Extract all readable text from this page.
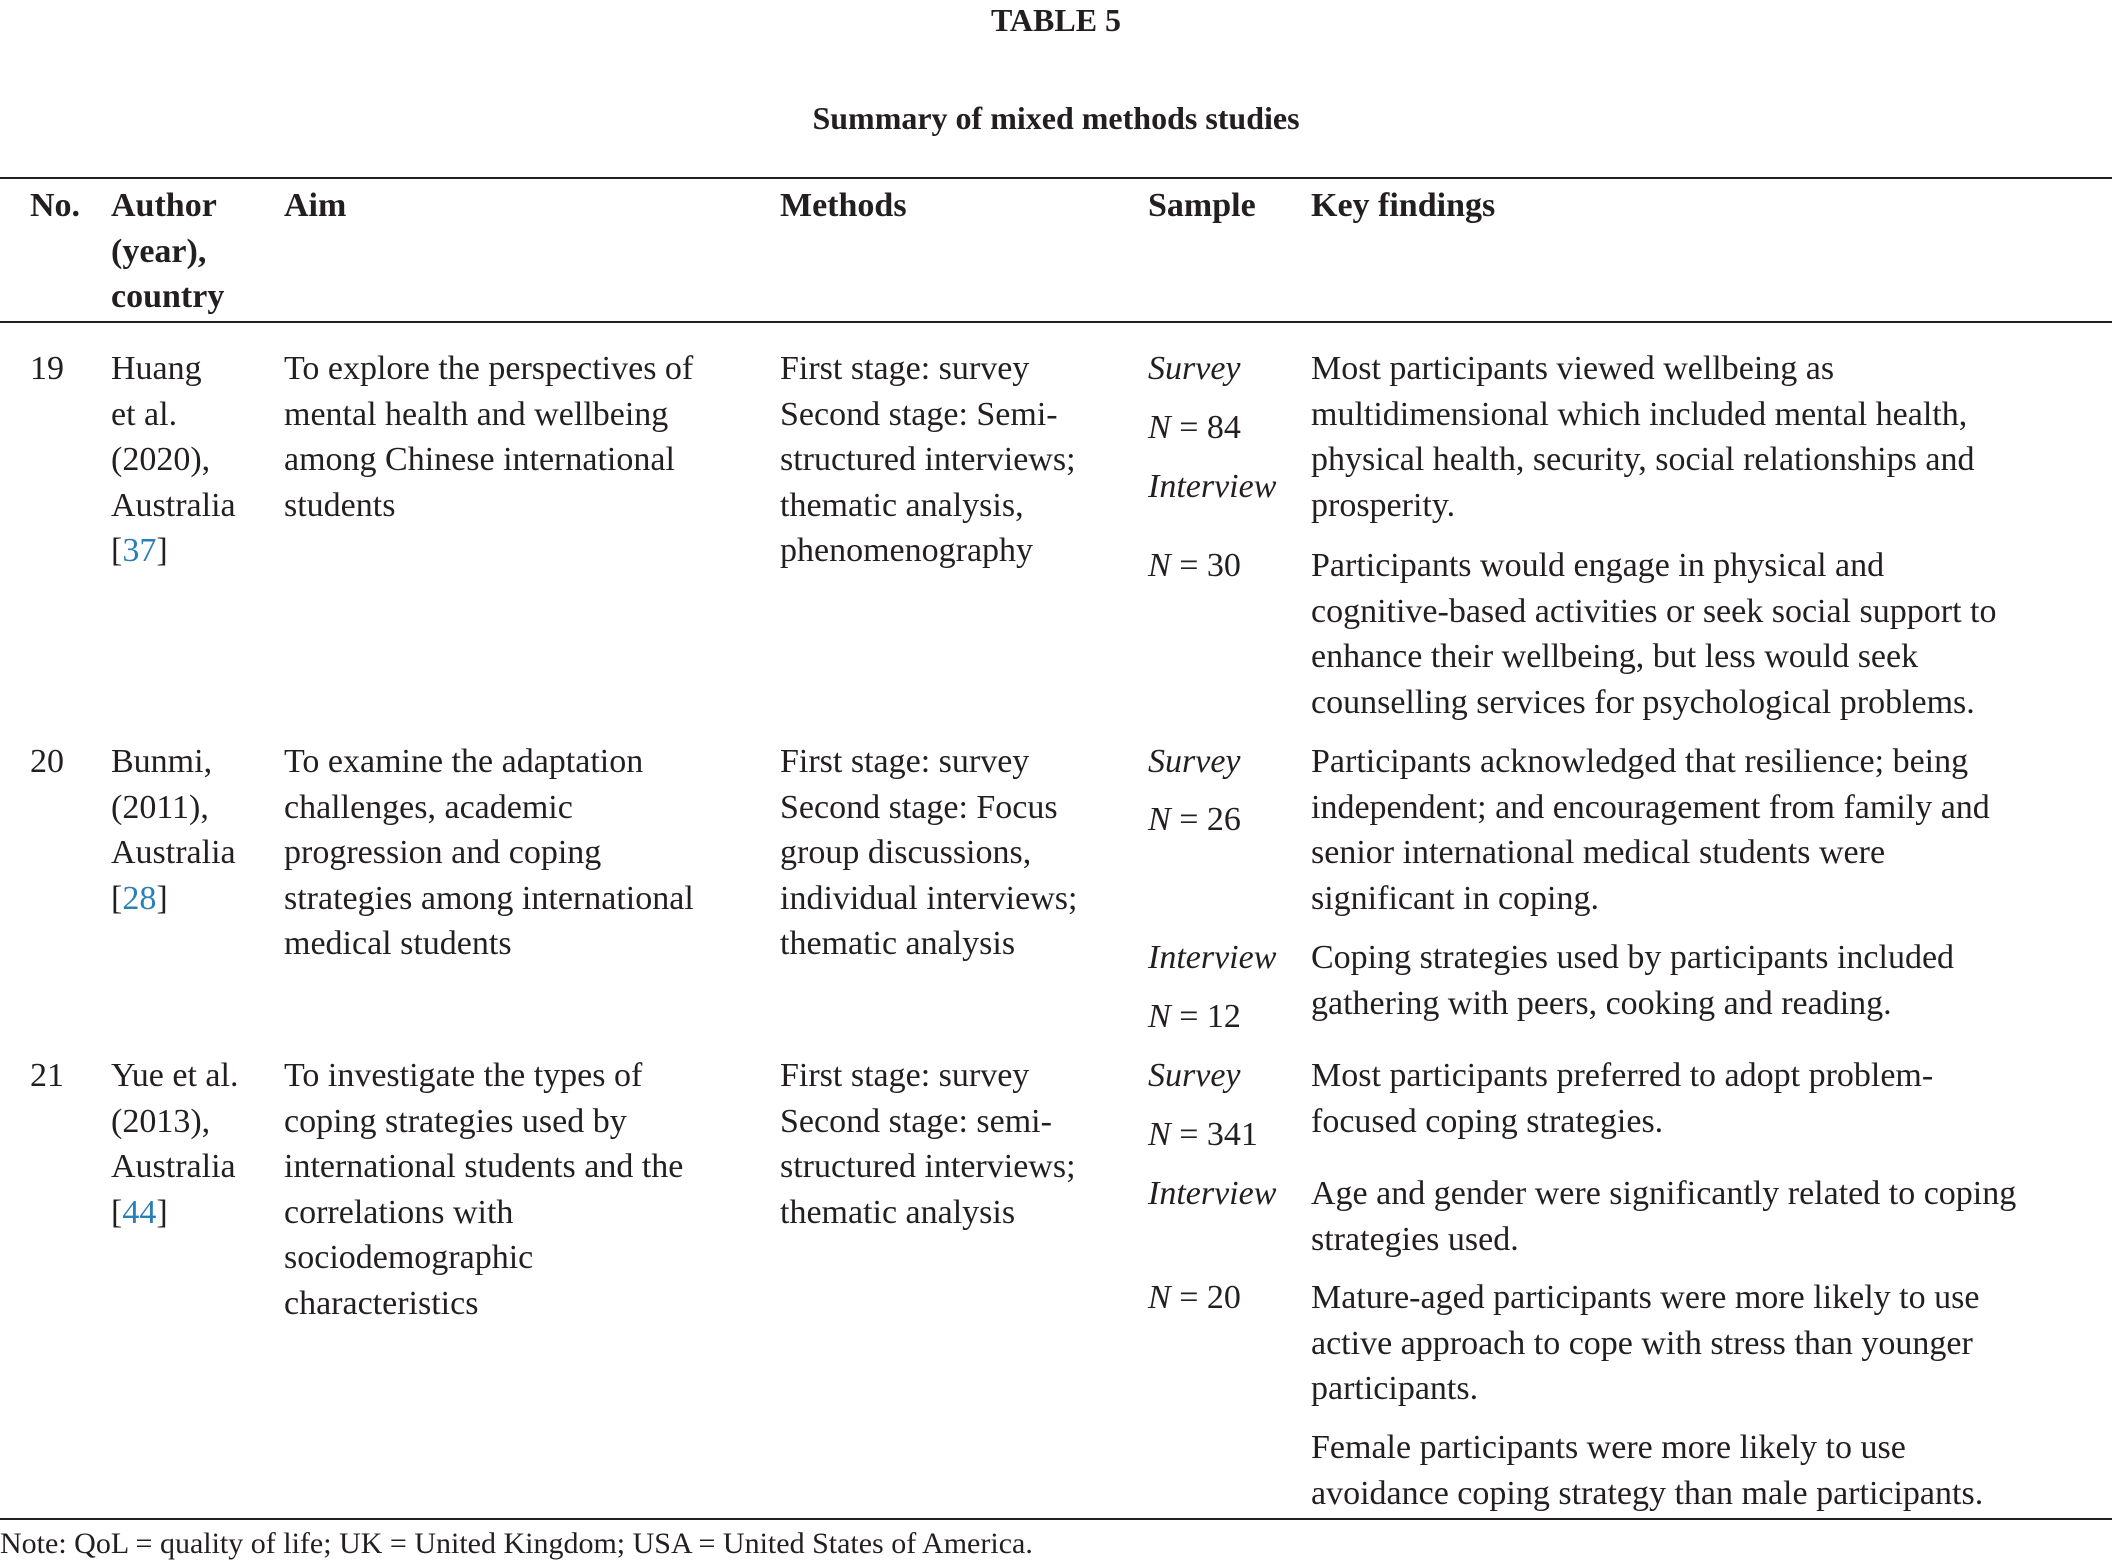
TABLE 5
Summary of mixed methods studies
No. Author
(year),
country
Aim	Methods	Sample Key findings
19 Huang
et al.
(2020),
Australia
[37]
To explore the perspectives of
mental health and wellbeing
among Chinese international
students
First stage: survey
Second stage: Semi-
structured interviews;
thematic analysis,
phenomenography
Survey
N = 84
Interview
N = 30
Most participants viewed wellbeing as
multidimensional which included mental health,
physical health, security, social relationships and
prosperity.
Participants would engage in physical and
cognitive-based activities or seek social support to
enhance their wellbeing, but less would seek
counselling services for psychological problems.
20 Bunmi,
(2011),
Australia
[28]
To examine the adaptation
challenges, academic
progression and coping
strategies among international
medical students
First stage: survey
Second stage: Focus
group discussions,
individual interviews;
thematic analysis
Survey
N = 26
Interview
N = 12
Participants acknowledged that resilience; being
independent; and encouragement from family and
senior international medical students were
significant in coping.
Coping strategies used by participants included
gathering with peers, cooking and reading.
21 Yue et al.
(2013),
Australia
[44]
To investigate the types of
coping strategies used by
international students and the
correlations with
sociodemographic
characteristics
First stage: survey
Second stage: semi-
structured interviews;
thematic analysis
Survey
N = 341
Interview
N = 20
Most participants preferred to adopt problem-
focused coping strategies.
Age and gender were significantly related to coping
strategies used.
Mature-aged participants were more likely to use
active approach to cope with stress than younger
participants.
Female participants were more likely to use
avoidance coping strategy than male participants.
Note: QoL = quality of life; UK = United Kingdom; USA = United States of America.
